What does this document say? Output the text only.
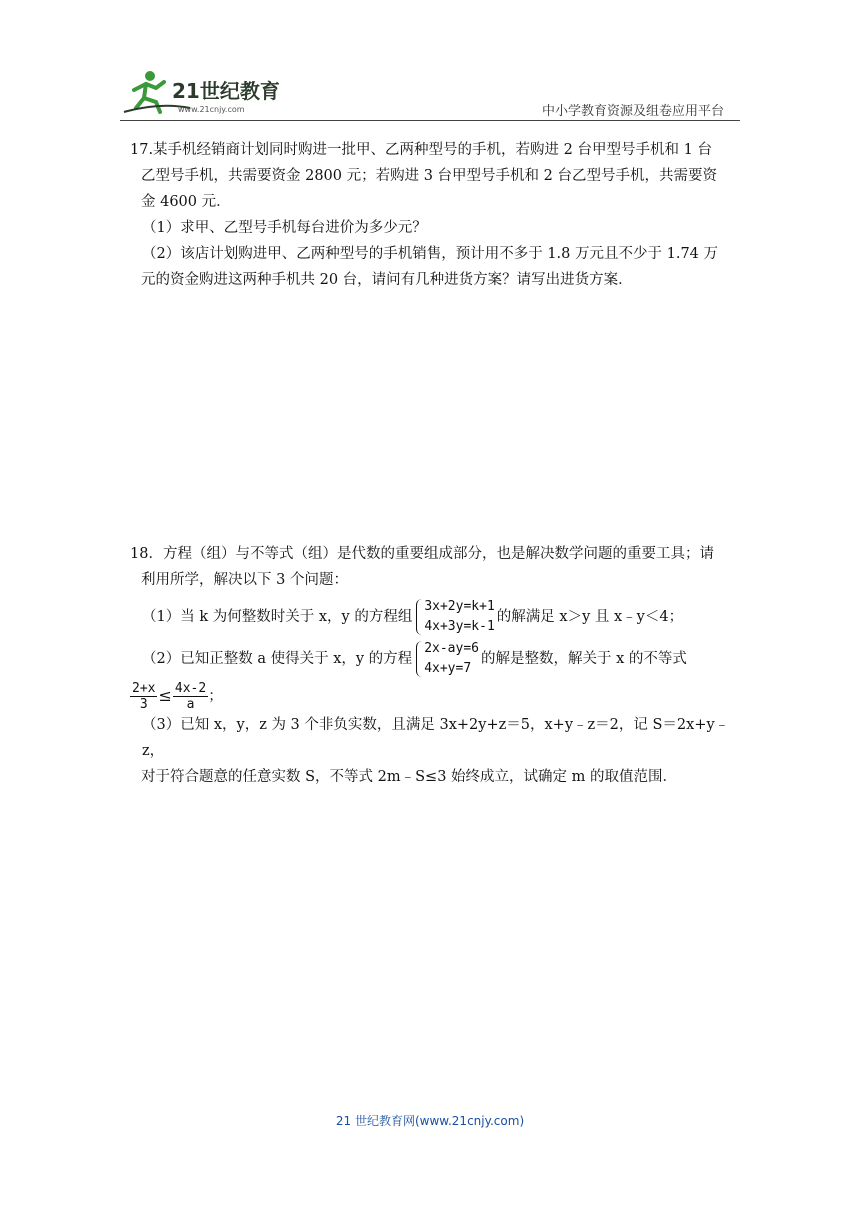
21世纪教育
www.21cnjy.com	中小学教育资源及组卷应用平台

17.某手机经销商计划同时购进一批甲、乙两种型号的手机，若购进 2 台甲型号手机和 1 台

乙型号手机，共需要资金 2800 元；若购进 3 台甲型号手机和 2 台乙型号手机，共需要资

金 4600 元．

（1）求甲、乙型号手机每台进价为多少元？

（2）该店计划购进甲、乙两种型号的手机销售，预计用不多于 1.8 万元且不少于 1.74 万

元的资金购进这两种手机共 20 台，请问有几种进货方案？请写出进货方案．

18．方程（组）与不等式（组）是代数的重要组成部分，也是解决数学问题的重要工具；请

利用所学，解决以下 3 个问题：

（1）当 k 为何整数时关于 x，y 的方程组
3x+2y=k+1
4x+3y=k-1
的解满足 x＞y 且 x﹣y＜4；

（2）已知正整数 a 使得关于 x，y 的方程
2x-ay=6
4x+y=7
的解是整数，解关于 x 的不等式

$\frac{2+x}{3} \le \frac{4x-2}{a}$ ；

（3）已知 x，y，z 为 3 个非负实数，且满足 3x+2y+z＝5，x+y﹣z＝2，记 S＝2x+y﹣z，

对于符合题意的任意实数 S，不等式 2m﹣S≤3 始终成立，试确定 m 的取值范围．

21 世纪教育网(www.21cnjy.com)
